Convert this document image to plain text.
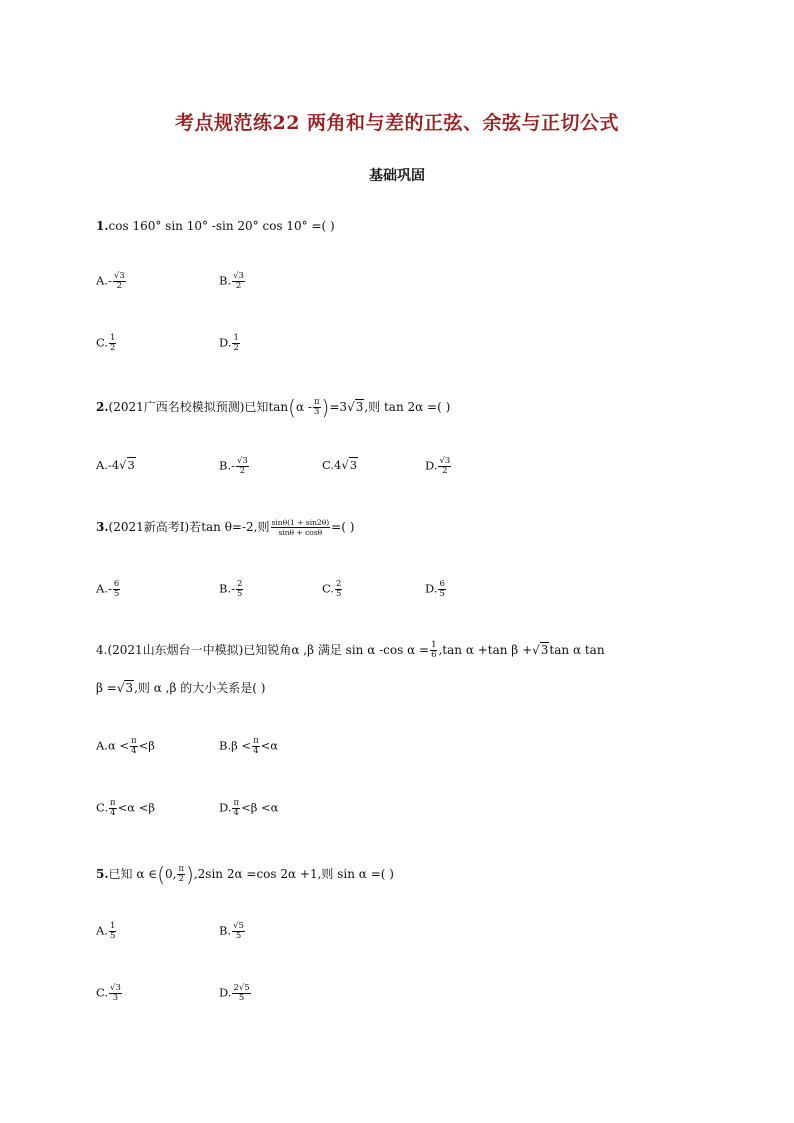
考点规范练22 两角和与差的正弦、余弦与正切公式
基础巩固
1.cos 160° sin 10° -sin 20° cos 10° =( )
$A.- \frac{√3}{2}$	B. $\frac{√3}{2}$
C. $\frac{1}{2}$	D. $\frac{1}{2}$
2.(2021广西名校模拟预测)已知$\tan(\alpha - \frac{\pi}{3} )=3√3$,则 tan 2α =( )
A.-4√3	$B.- \frac{√3}{2}$	C.4√3	D. $\frac{√3}{2}$
3.(2021新高考Ⅰ)若tan θ=-2,则 $\frac{\sin\theta(1 + \sin 2\theta)}{\sin\theta + \cos\theta}$ =( )
$A.- \frac{6}{5}$	$B.- \frac{2}{5}$	C. $\frac{2}{5}$	D. $\frac{6}{5}$
4.(2021山东烟台一中模拟)已知锐角α ,β 满足 sin α -cos $\alpha = \frac{1}{6} ,\tan$ α +tan β +√3tan α tan
β =√3,则 α ,β 的大小关系是( )
$A.\alpha < \frac{\pi}{4} <\beta$	$B.\beta < \frac{\pi}{4} <\alpha$
C. $\frac{\pi}{4} <\alpha <\beta$	D. $\frac{\pi}{4} <\beta <\alpha$
5.已知 α ∈(0, $\frac{\pi}{2} ),2\sin$ 2α =cos 2α +1,则 sin α =( )
A. $\frac{1}{5}$	B. $\frac{√5}{5}$
C. $\frac{√3}{3}$	D. $\frac{2√5}{5}$
